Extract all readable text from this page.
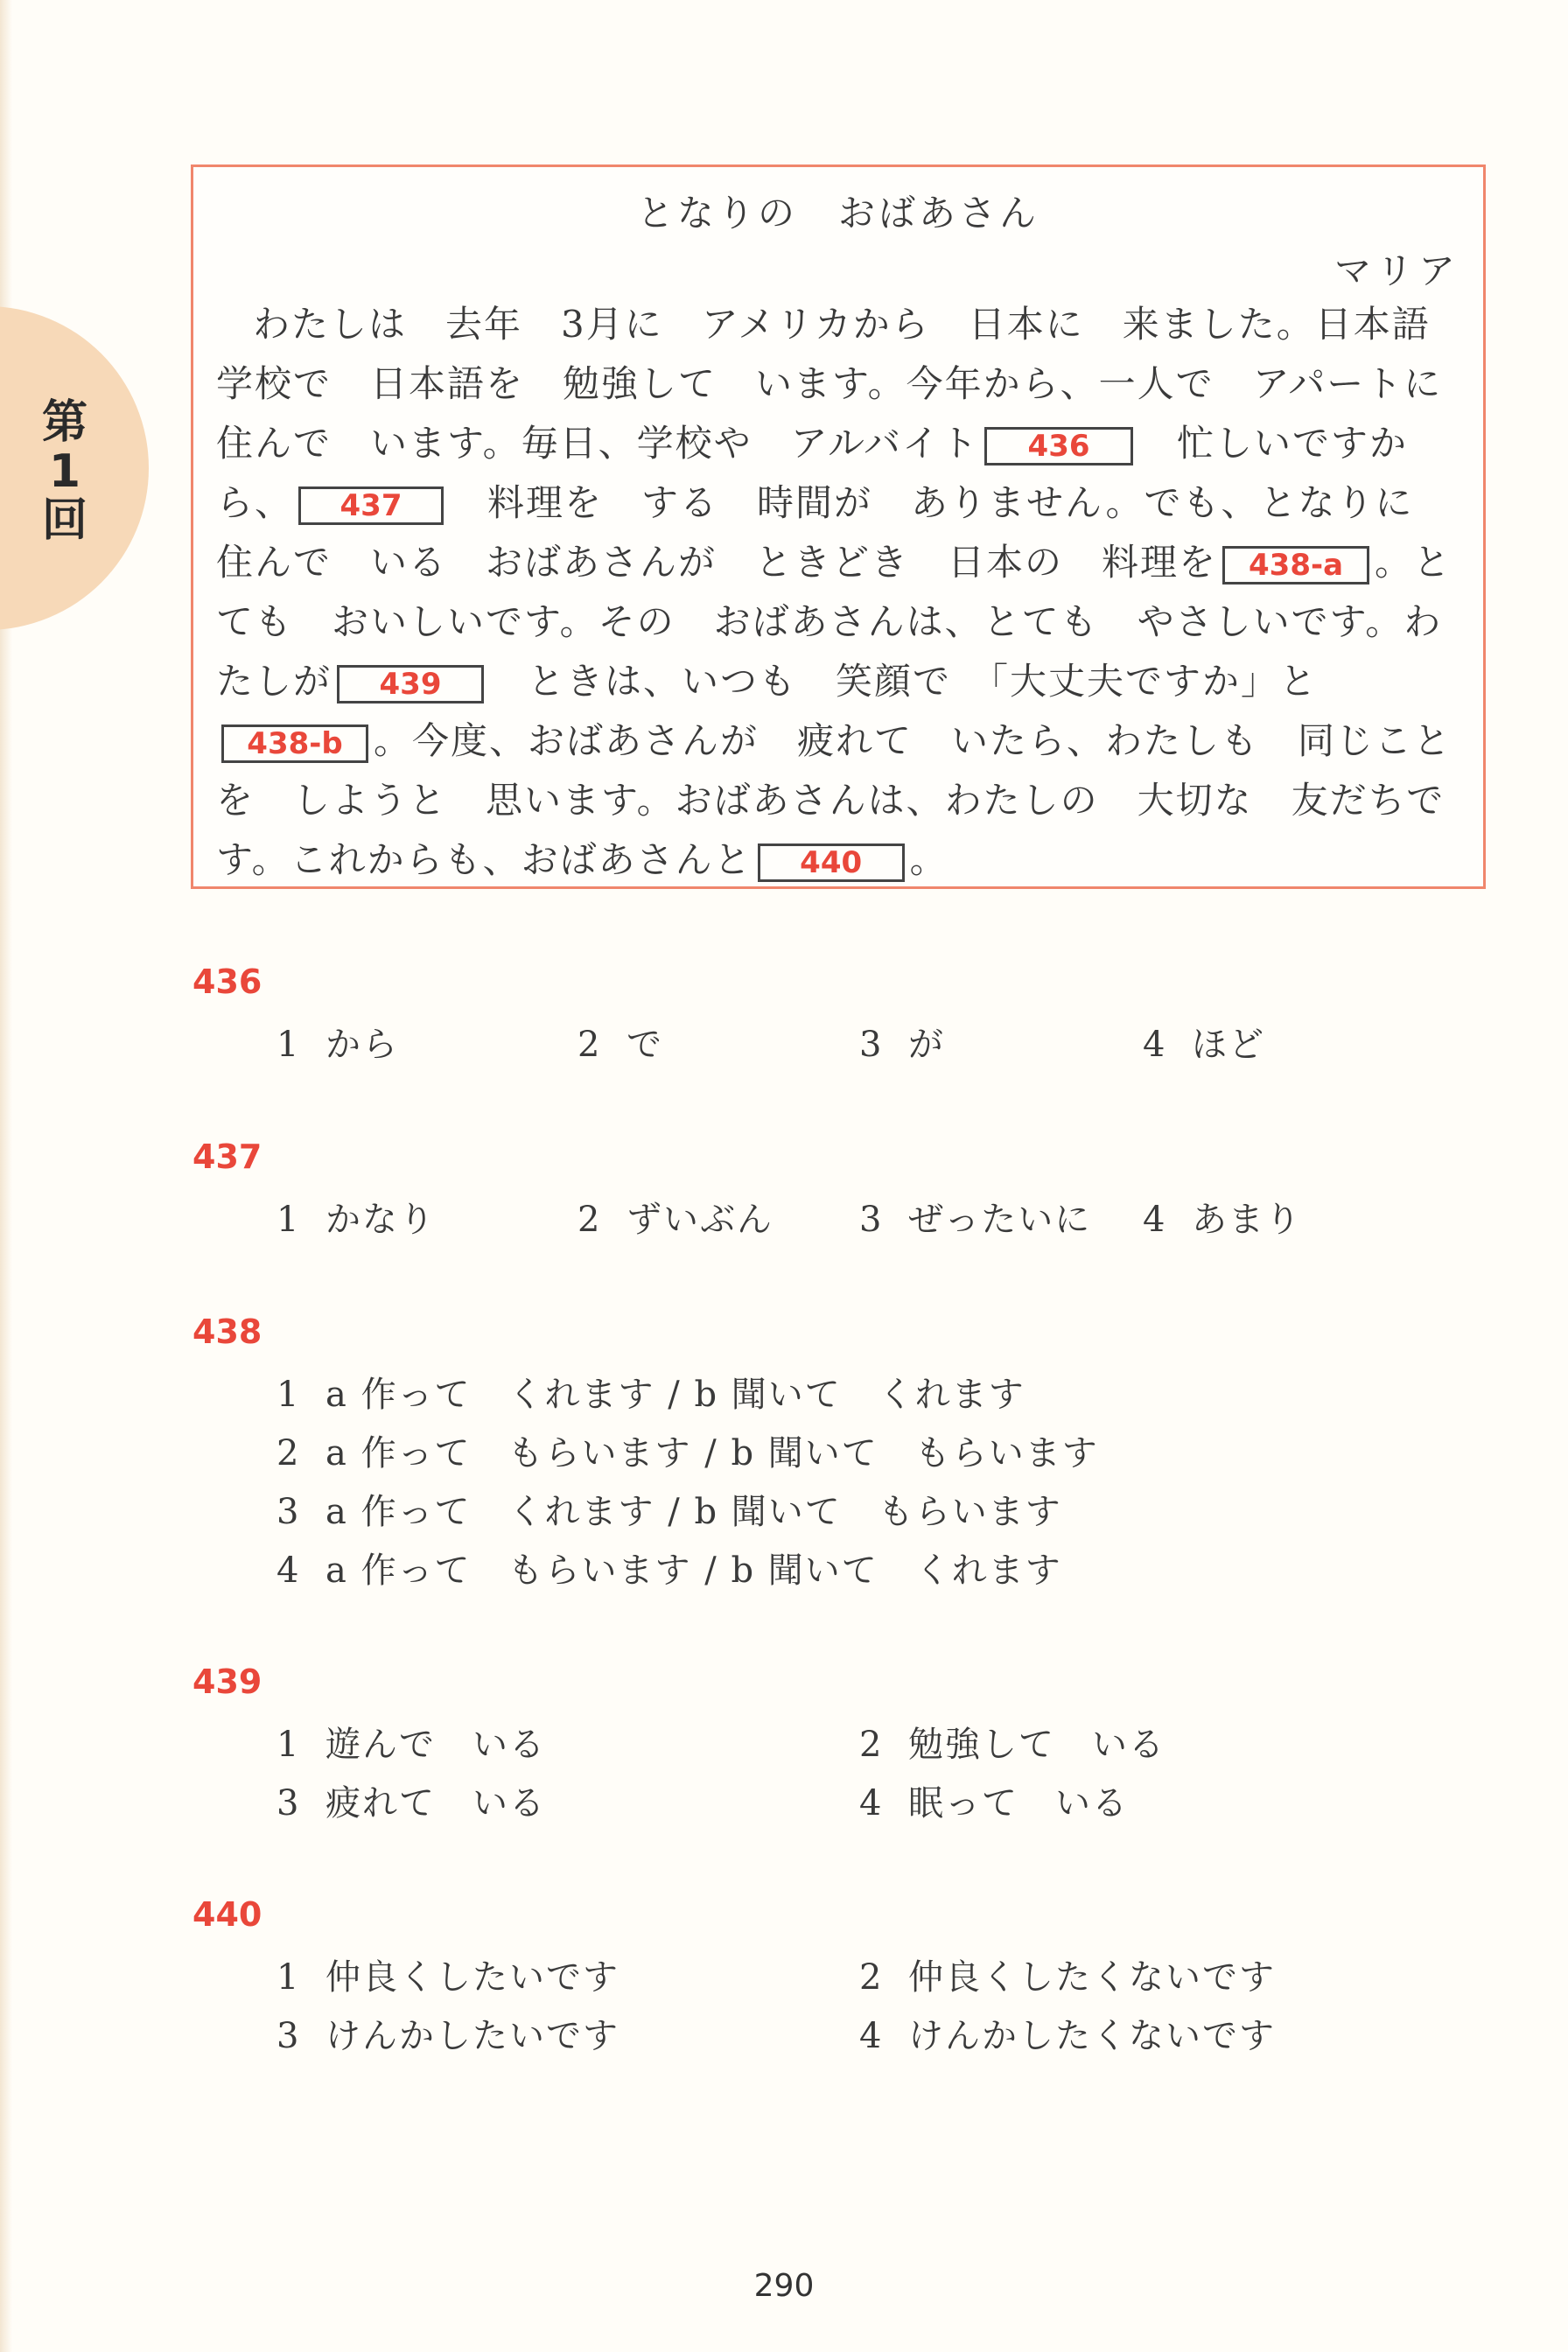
第
1
回
となりの　おばあさん
マリア

わたしは　去年　3月に　アメリカから　日本に　来ました。日本語学校で　日本語を　勉強して　います。今年から、一人で　アパートに　住んで　います。毎日、学校や　アルバイト 436　忙しいですから、 437　料理を　する　時間が　ありません。でも、となりに　住んで　いる　おばあさんが　ときどき　日本の　料理を 438-a 。とても　おいしいです。その　おばあさんは、とても　やさしいです。わたしが 439　ときは、いつも　笑顔で　「大丈夫ですか」と438-b 。今度、おばあさんが　疲れて　いたら、わたしも　同じことを　しようと　思います。おばあさんは、わたしの　大切な　友だちです。これからも、おばあさんと 440 。

436
1 から	2 で	3 が	4 ほど
437
1 かなり	2 ずいぶん 3 ぜったいに 4 あまり
438
1 a 作って　くれます / b 聞いて　くれます
2 a 作って　もらいます / b 聞いて　もらいます
3 a 作って　くれます / b 聞いて　もらいます
4 a 作って　もらいます / b 聞いて　くれます
439
1 遊んで　いる	2 勉強して　いる
3 疲れて　いる	4 眠って　いる
440
1 仲良くしたいです	2 仲良くしたくないです
3 けんかしたいです	4 けんかしたくないです
290
